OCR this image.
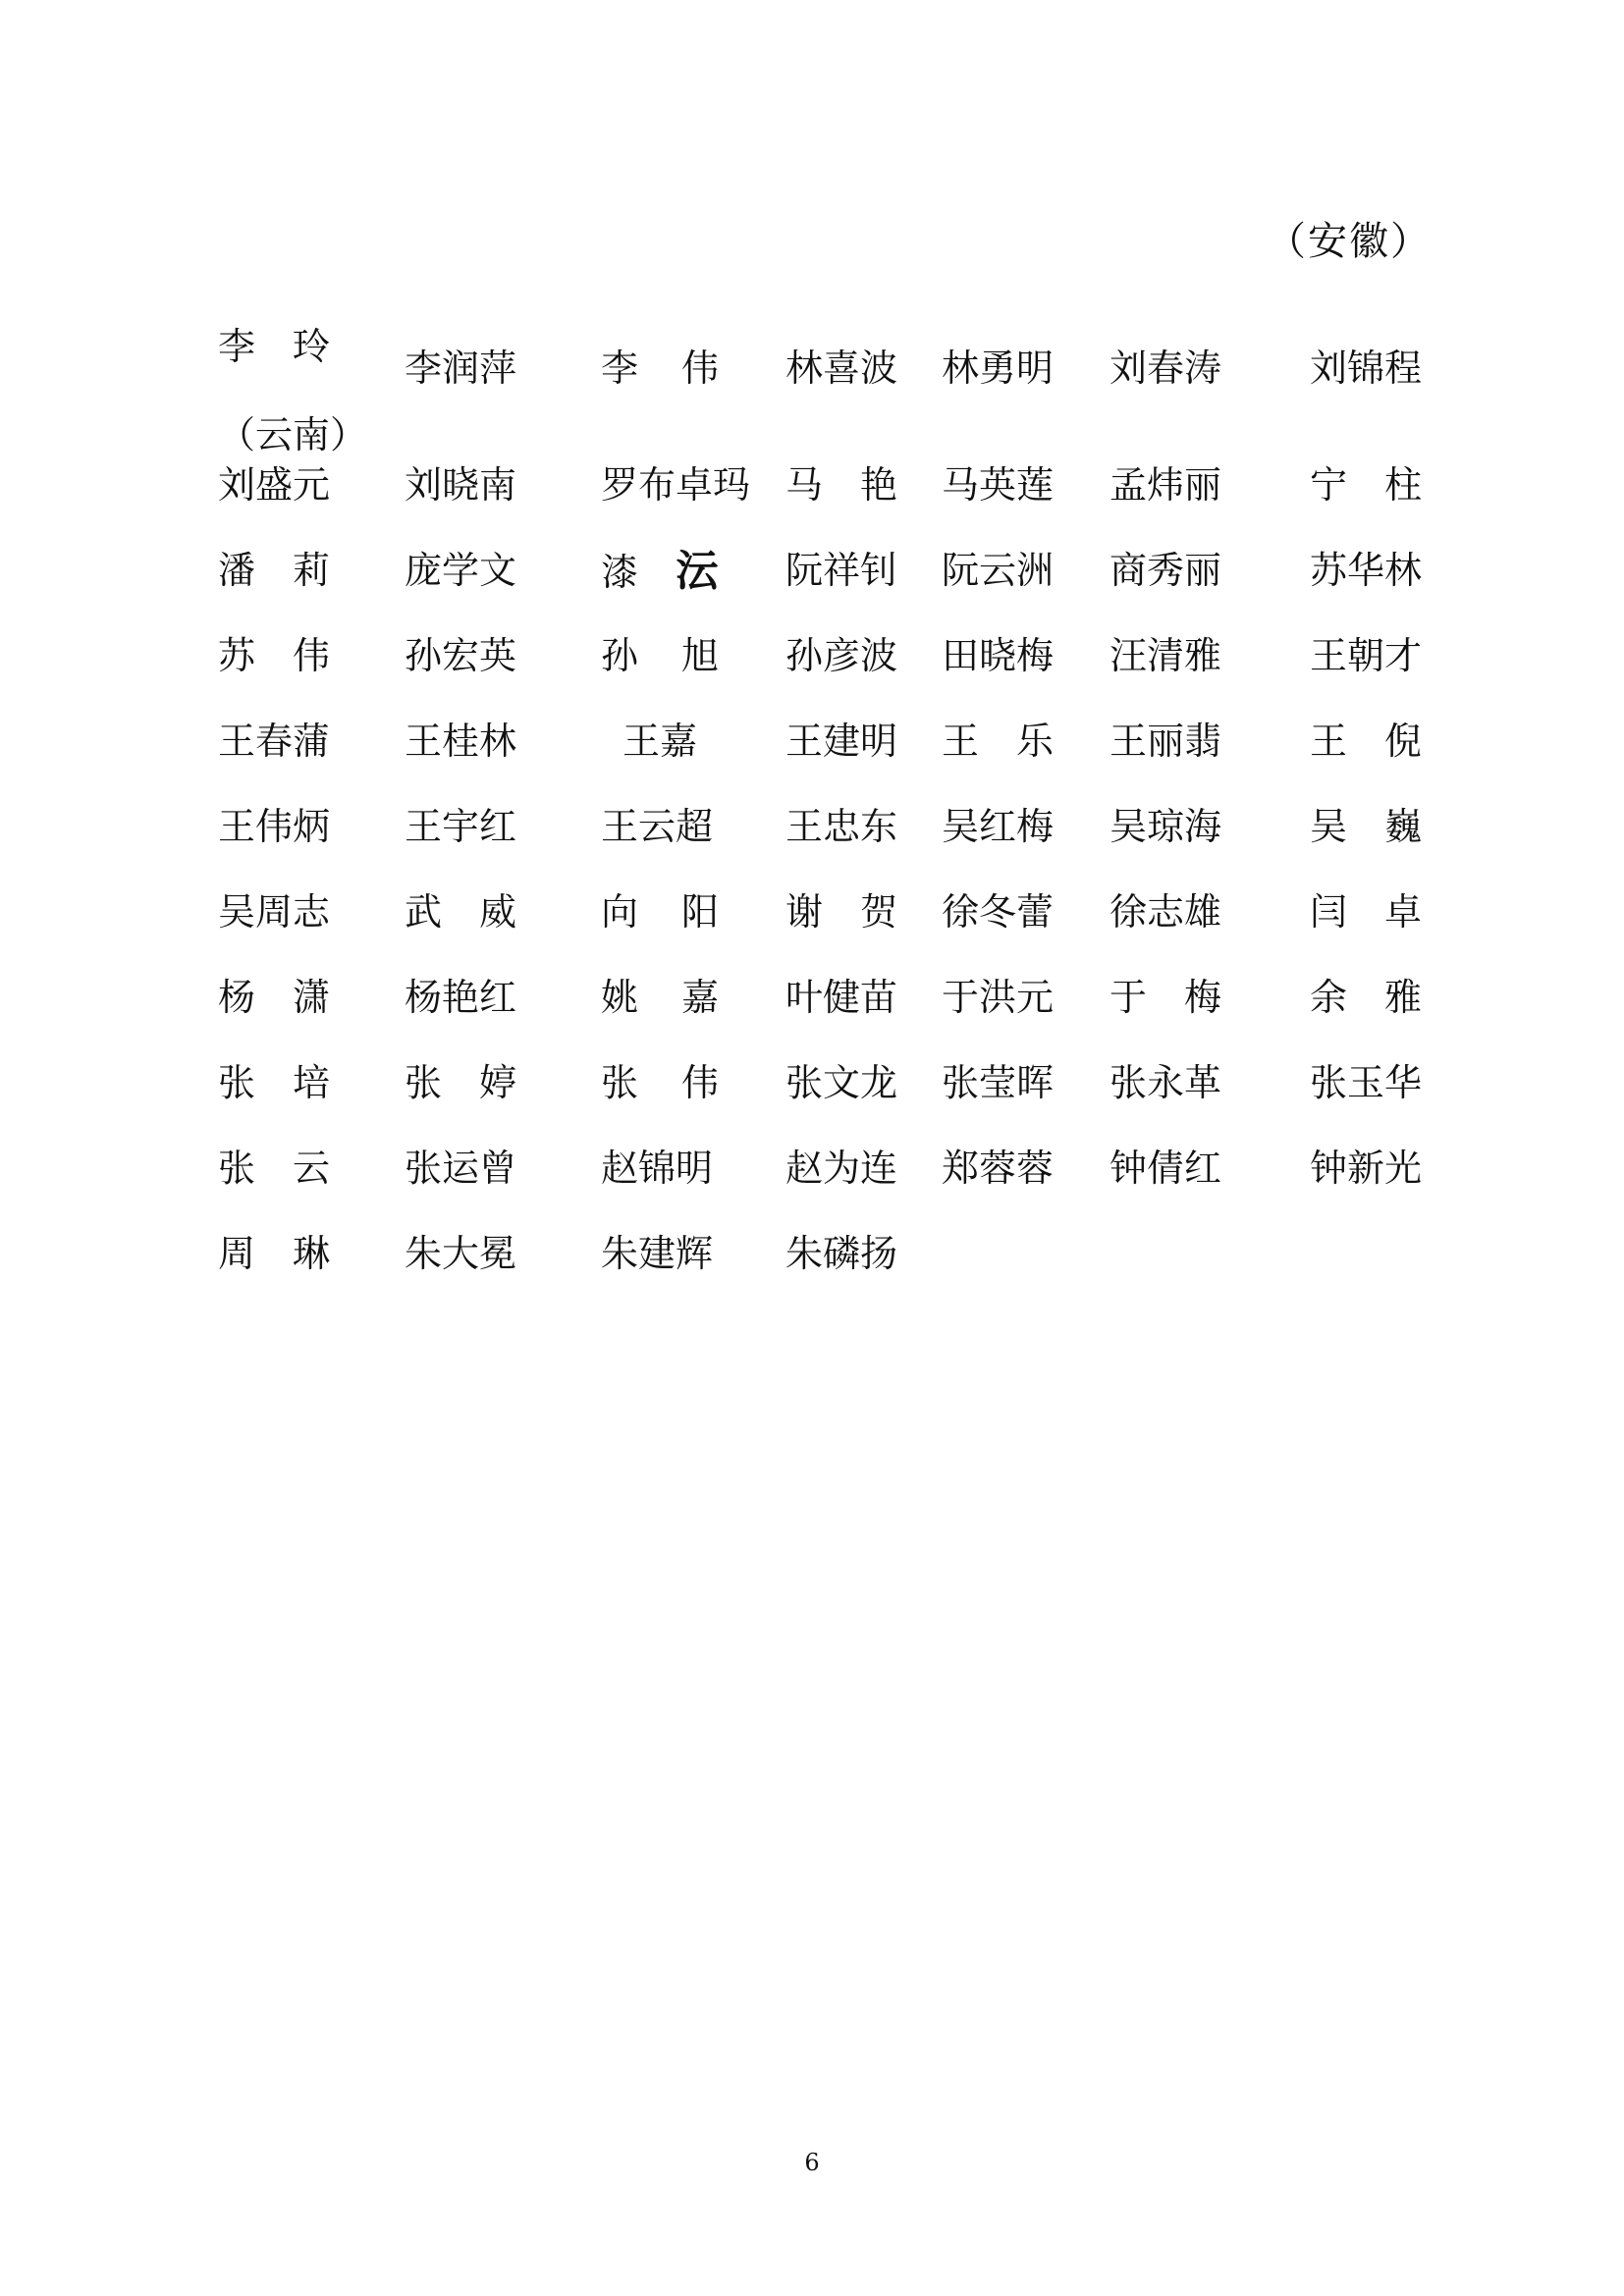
（安徽）
李　玲
（云南）
李润萍 李　伟 林喜波 林勇明 刘春涛 刘锦程
刘盛元 刘晓南 罗布卓玛 马　艳 马英莲 孟炜丽 宁　柱
潘　莉 庞学文 漆 沄 阮祥钊 阮云洲 商秀丽 苏华林
苏　伟 孙宏英 孙　旭 孙彦波 田晓梅 汪清雅 王朝才
王春蒲 王桂林	王嘉	王建明 王　乐 王丽翡 王　倪
王伟炳 王宇红 王云超 王忠东 吴红梅 吴琼海 吴　巍
吴周志 武　威 向　阳 谢　贺 徐冬蕾 徐志雄 闫　卓
杨　潇 杨艳红 姚　嘉 叶健苗 于洪元 于　梅 余　雅
张　培 张　婷 张　伟 张文龙 张莹晖 张永革 张玉华
张　云 张运曾 赵锦明 赵为连 郑蓉蓉 钟倩红 钟新光
周　琳 朱大冕 朱建辉 朱磷扬
6
